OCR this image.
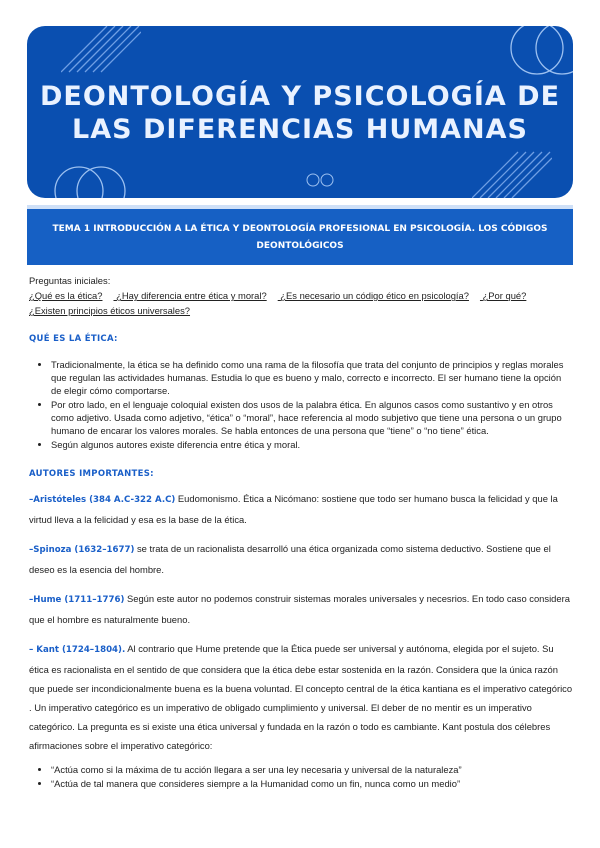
DEONTOLOGÍA Y PSICOLOGÍA DE
LAS DIFERENCIAS HUMANAS
TEMA 1 INTRODUCCIÓN A LA ÉTICA Y DEONTOLOGÍA PROFESIONAL EN PSICOLOGÍA. LOS CÓDIGOS DEONTOLÓGICOS

Preguntas iniciales:

¿Qué es la ética? ¿Hay diferencia entre ética y moral? ¿Es necesario un código ético en psicología? ¿Por qué?

¿Existen principios éticos universales?

QUÉ ES LA ÉTICA:
• Tradicionalmente, la ética se ha definido como una rama de la filosofía que trata del conjunto de principios y reglas morales que regulan las actividades humanas. Estudia lo que es bueno y malo, correcto e incorrecto. El ser humano tiene la opción de elegir cómo comportarse.
• Por otro lado, en el lenguaje coloquial existen dos usos de la palabra ética. En algunos casos como sustantivo y en otros como adjetivo. Usada como adjetivo, “ética” o “moral”, hace referencia al modo subjetivo que tiene una persona o un grupo humano de encarar los valores morales. Se habla entonces de una persona que “tiene” o “no tiene” ética.
• Según algunos autores existe diferencia entre ética y moral.
AUTORES IMPORTANTES:

–Aristóteles (384 A.C-322 A.C) Eudomonismo. Ética a Nicómano: sostiene que todo ser humano busca la felicidad y que la virtud lleva a la felicidad y esa es la base de la ética.

–Spinoza (1632–1677) se trata de un racionalista desarrolló una ética organizada como sistema deductivo. Sostiene que el deseo es la esencia del hombre.

–Hume (1711–1776) Según este autor no podemos construir sistemas morales universales y necesrios. En todo caso considera que el hombre es naturalmente bueno.

– Kant (1724–1804). Al contrario que Hume pretende que la Ética puede ser universal y autónoma, elegida por el sujeto. Su ética es racionalista en el sentido de que considera que la ética debe estar sostenida en la razón. Considera que la única razón que puede ser incondicionalmente buena es la buena voluntad. El concepto central de la ética kantiana es el imperativo categórico . Un imperativo categórico es un imperativo de obligado cumplimiento y universal. El deber de no mentir es un imperativo categórico. La pregunta es si existe una ética universal y fundada en la razón o todo es cambiante. Kant postula dos célebres afirmaciones sobre el imperativo categórico:

• “Actúa como si la máxima de tu acción llegara a ser una ley necesaria y universal de la naturaleza”
• “Actúa de tal manera que consideres siempre a la Humanidad como un fin, nunca como un medio”
